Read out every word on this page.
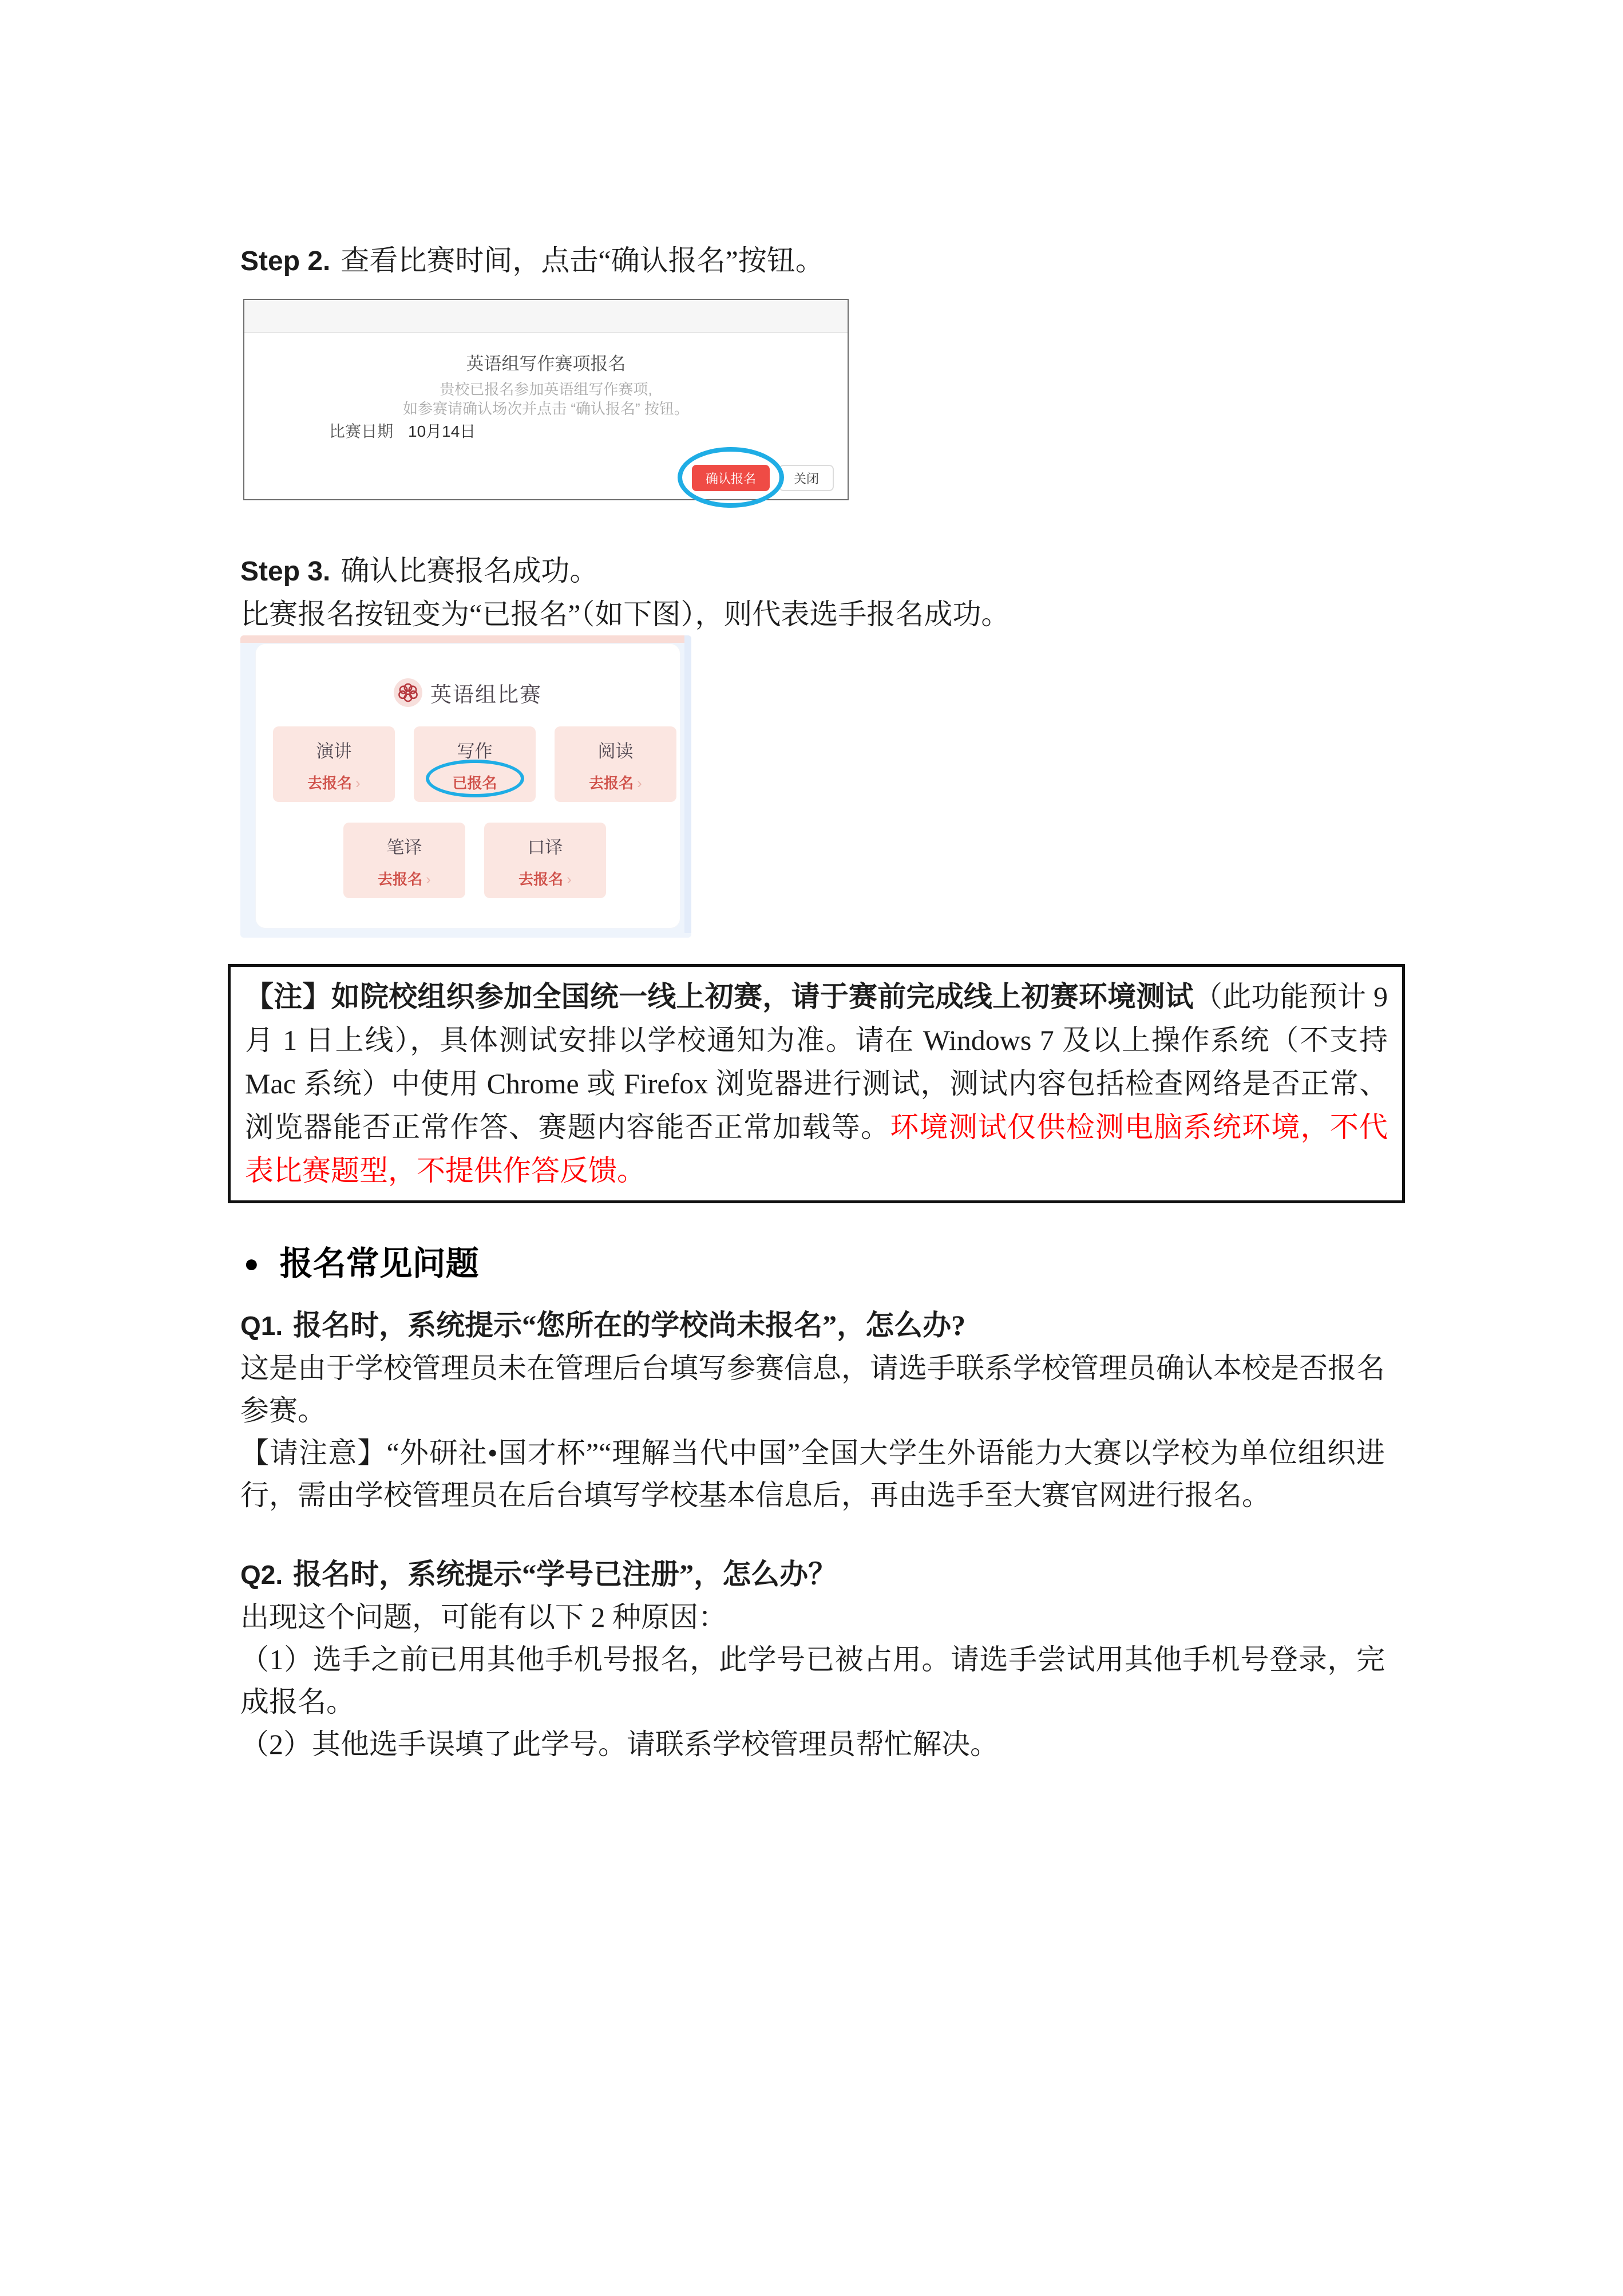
Step 2. 查看比赛时间，点击“确认报名”按钮。

英语组写作赛项报名
贵校已报名参加英语组写作赛项,
如参赛请确认场次并点击 “确认报名” 按钮。
比赛日期 10月14日
确认报名	关闭

Step 3. 确认比赛报名成功。

比赛报名按钮变为“已报名”（如下图），则代表选手报名成功。

英语组比赛
演讲
去报名 ›
写作
已报名
阅读
去报名 ›
笔译
去报名 ›
口译
去报名 ›
【注】如院校组织参加全国统一线上初赛，请于赛前完成线上初赛环境测试（此功能预计 9 月 1 日上线），具体测试安排以学校通知为准。请在 Windows 7 及以上操作系统（不支持 Mac 系统）中使用 Chrome 或 Firefox 浏览器进行测试，测试内容包括检查网络是否正常、浏览器能否正常作答、赛题内容能否正常加载等。环境测试仅供检测电脑系统环境，不代表比赛题型，不提供作答反馈。
● 报名常见问题

Q1. 报名时，系统提示“您所在的学校尚未报名”，怎么办?

这是由于学校管理员未在管理后台填写参赛信息，请选手联系学校管理员确认本校是否报名参赛。

【请注意】“外研社•国才杯”“理解当代中国”全国大学生外语能力大赛以学校为单位组织进行，需由学校管理员在后台填写学校基本信息后，再由选手至大赛官网进行报名。

Q2. 报名时，系统提示“学号已注册”，怎么办？

出现这个问题，可能有以下 2 种原因：

（1）选手之前已用其他手机号报名，此学号已被占用。请选手尝试用其他手机号登录，完成报名。

（2）其他选手误填了此学号。请联系学校管理员帮忙解决。
